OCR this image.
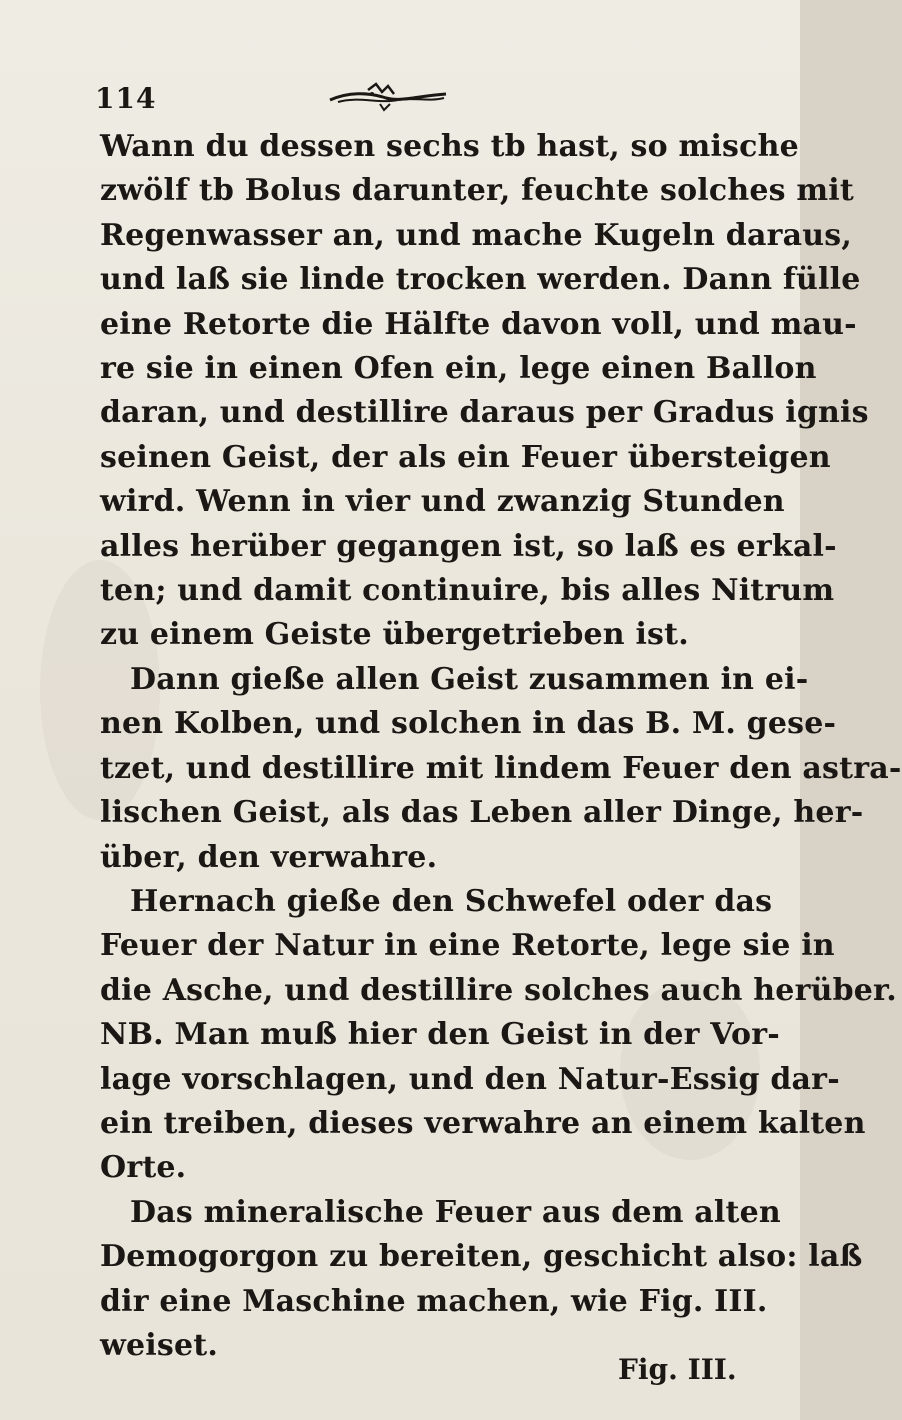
114
Wann du dessen sechs tb hast, so mische
zwölf tb Bolus darunter, feuchte solches mit
Regenwasser an, und mache Kugeln daraus,
und laß sie linde trocken werden. Dann fülle
eine Retorte die Hälfte davon voll, und mau-
re sie in einen Ofen ein, lege einen Ballon
daran, und destillire daraus per Gradus ignis
seinen Geist, der als ein Feuer übersteigen
wird. Wenn in vier und zwanzig Stunden
alles herüber gegangen ist, so laß es erkal-
ten; und damit continuire, bis alles Nitrum
zu einem Geiste übergetrieben ist.
Dann gieße allen Geist zusammen in ei-
nen Kolben, und solchen in das B. M. gese-
tzet, und destillire mit lindem Feuer den astra-
lischen Geist, als das Leben aller Dinge, her-
über, den verwahre.
Hernach gieße den Schwefel oder das
Feuer der Natur in eine Retorte, lege sie in
die Asche, und destillire solches auch herüber.
NB. Man muß hier den Geist in der Vor-
lage vorschlagen, und den Natur-Essig dar-
ein treiben, dieses verwahre an einem kalten
Orte.
Das mineralische Feuer aus dem alten
Demogorgon zu bereiten, geschicht also: laß
dir eine Maschine machen, wie Fig. III.
weiset.
Fig. III.
